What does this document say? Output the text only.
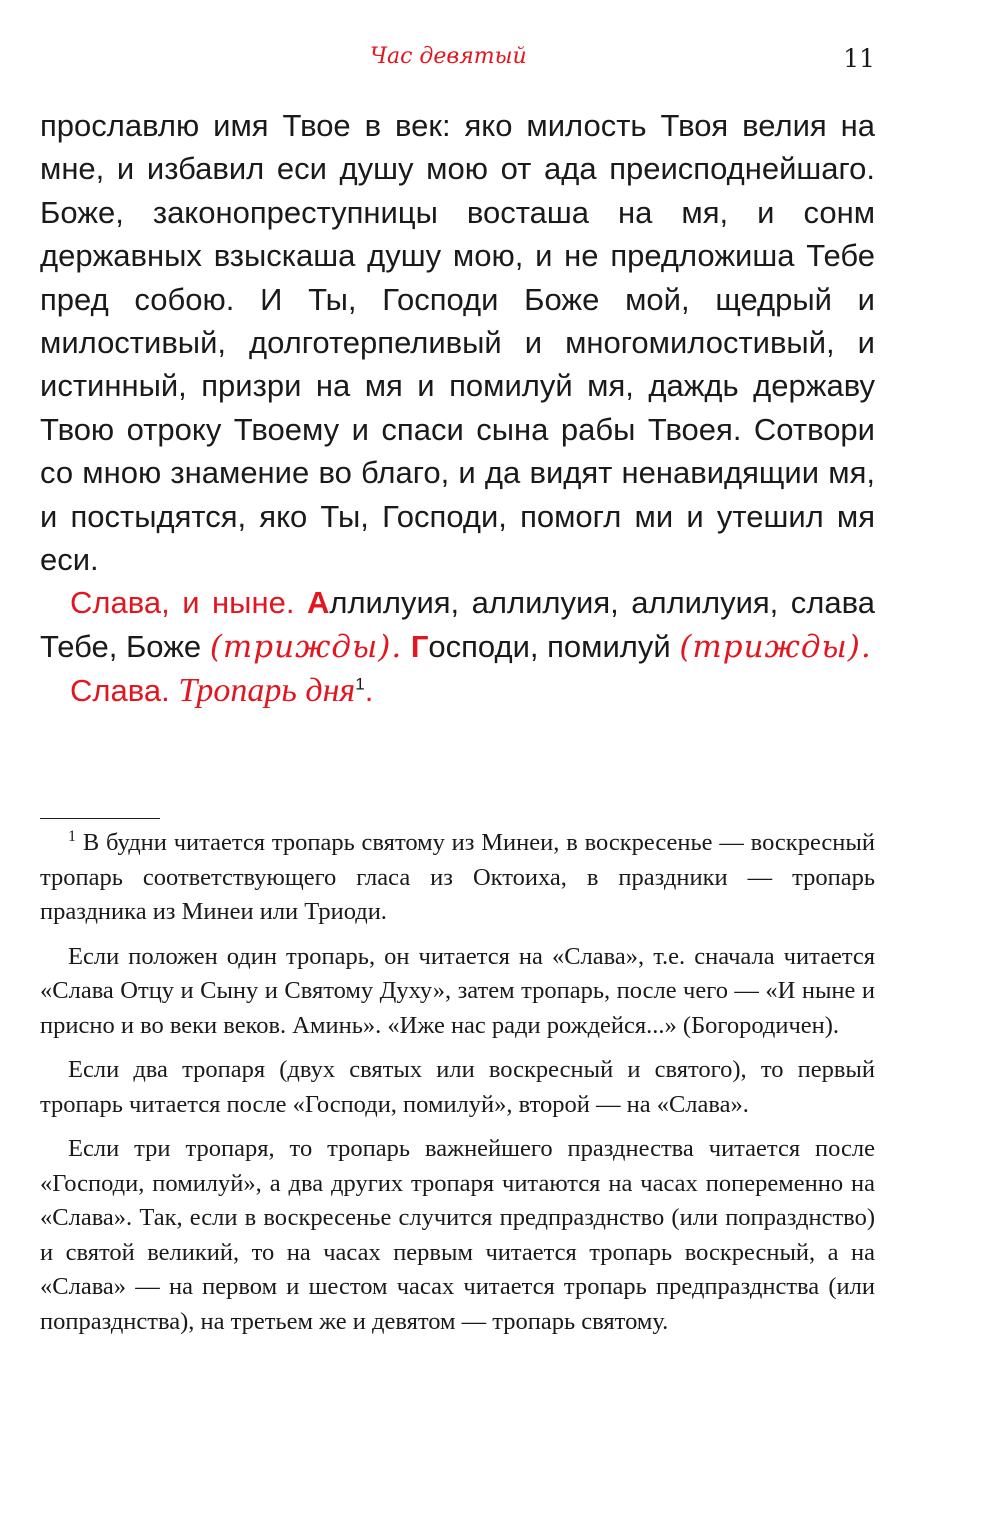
Час девятый	11

прославлю имя Твое в век: яко милость Твоя велия на мне, и избавил еси душу мою от ада преисподнейшаго. Боже, законопреступницы восташа на мя, и сонм державных взыскаша душу мою, и не предложиша Тебе пред собою. И Ты, Господи Боже мой, щедрый и милостивый, долготерпеливый и многомилостивый, и истинный, призри на мя и помилуй мя, даждь державу Твою отроку Твоему и спаси сына рабы Твоея. Сотвори со мною знамение во благо, и да видят ненавидящии мя, и постыдятся, яко Ты, Господи, помогл ми и утешил мя еси.

Слава, и ныне. Аллилуия, аллилуия, аллилуия, слава Тебе, Боже (трижды). Господи, помилуй (трижды).

Слава. Тропарь дня$^1$.

$^1$ В будни читается тропарь святому из Минеи, в воскресенье — воскресный тропарь соответствующего гласа из Октоиха, в праздники — тропарь праздника из Минеи или Триоди.

Если положен один тропарь, он читается на «Слава», т.е. сначала читается «Слава Отцу и Сыну и Святому Духу», затем тропарь, после чего — «И ныне и присно и во веки веков. Аминь». «Иже нас ради рождейся...» (Богородичен).

Если два тропаря (двух святых или воскресный и святого), то первый тропарь читается после «Господи, помилуй», второй — на «Слава».

Если три тропаря, то тропарь важнейшего празднества читается после «Господи, помилуй», а два других тропаря читаются на часах попеременно на «Слава». Так, если в воскресенье случится предпразднство (или попразднство) и святой великий, то на часах первым читается тропарь воскресный, а на «Слава» — на первом и шестом часах читается тропарь предпразднства (или попразднства), на третьем же и девятом — тропарь святому.
